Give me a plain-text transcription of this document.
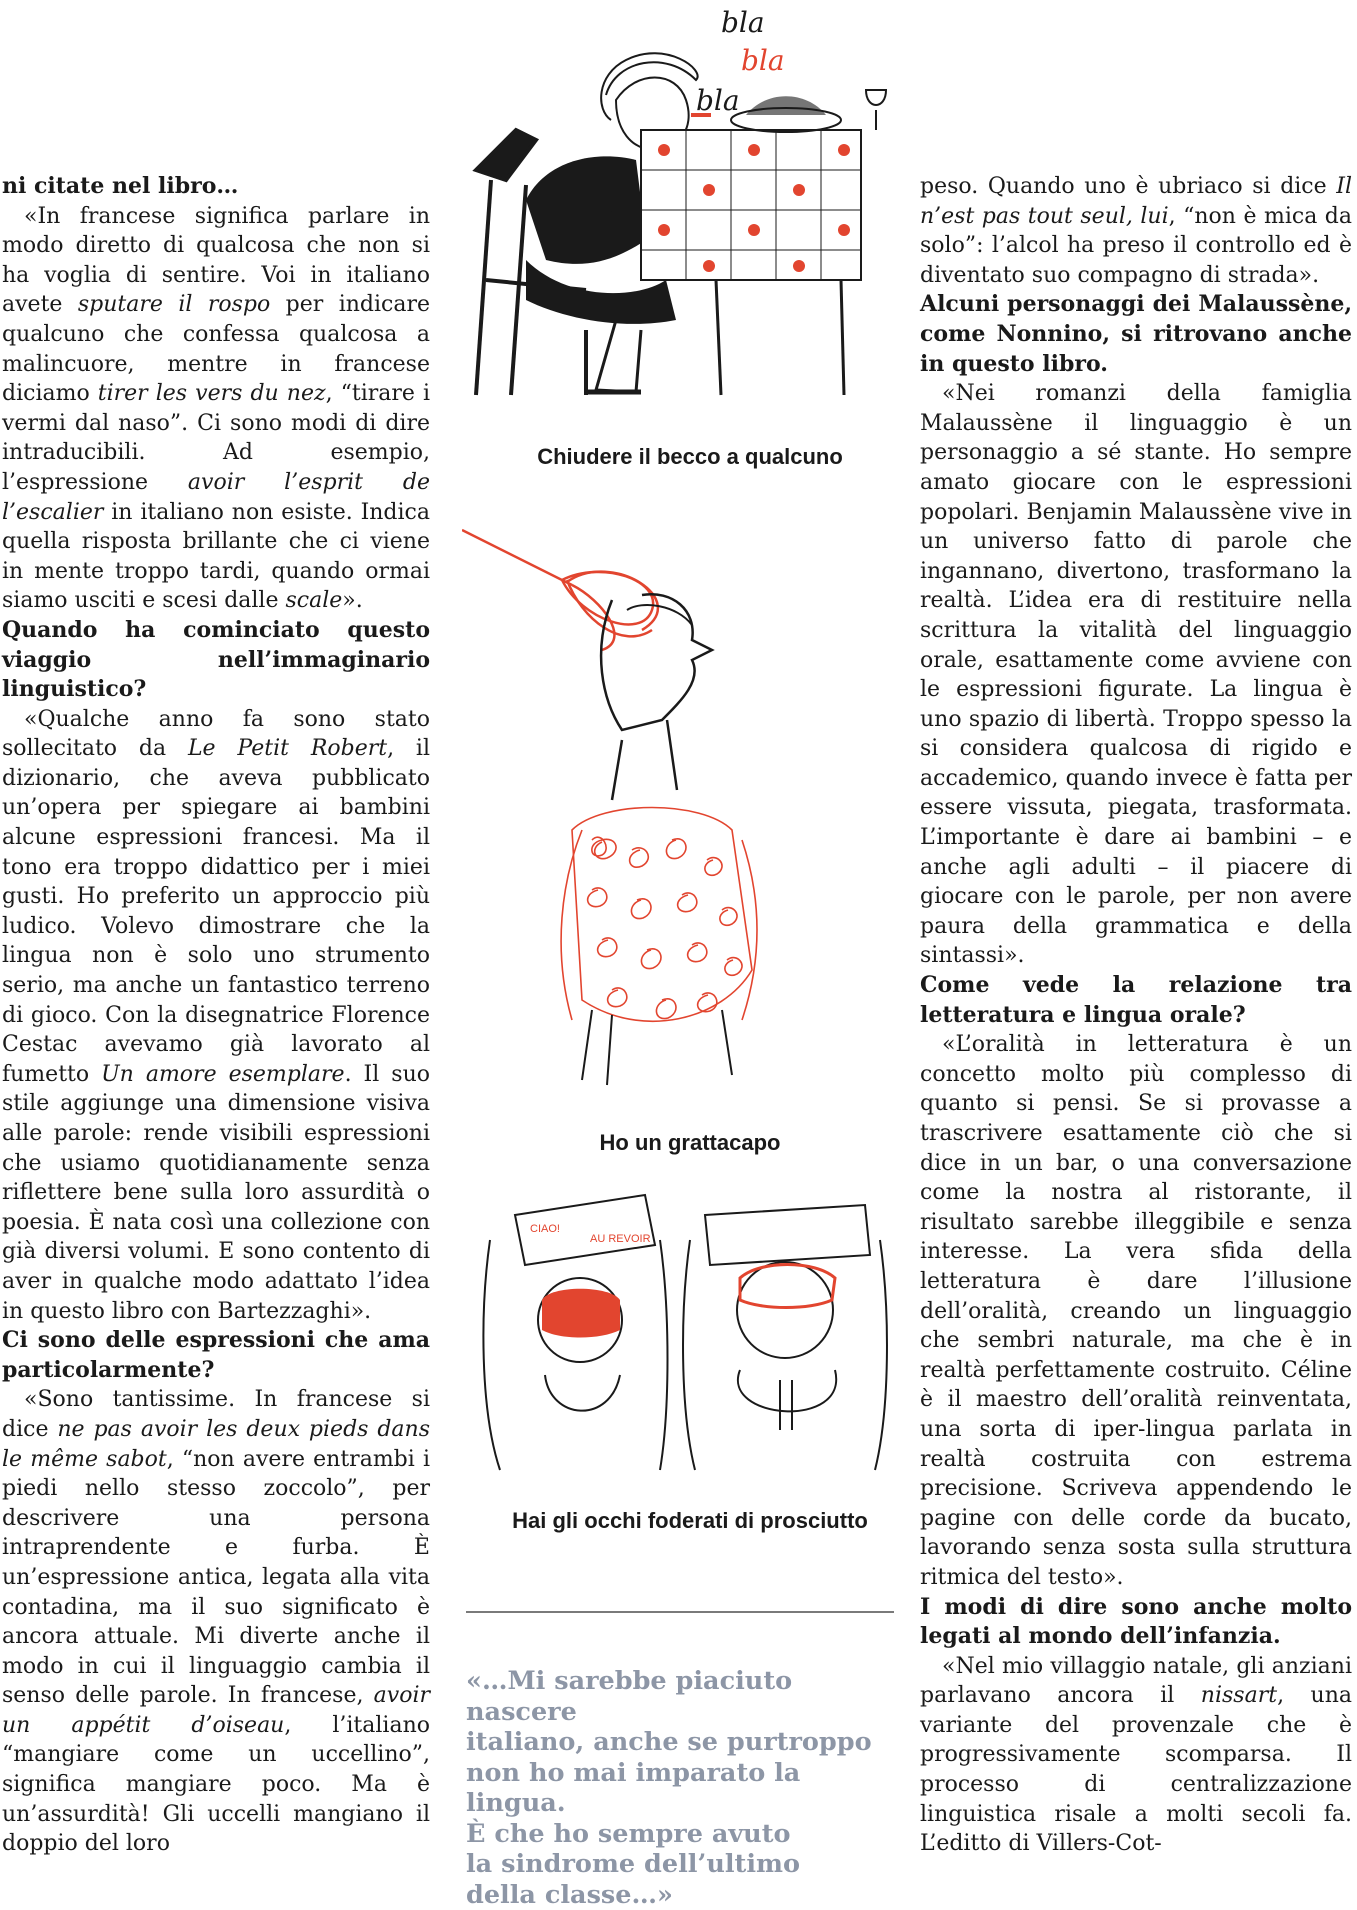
ni citate nel libro…

«In francese significa parlare in modo diretto di qualcosa che non si ha voglia di sentire. Voi in italiano avete sputare il rospo per indicare qualcuno che confessa qualcosa a malincuore, mentre in francese diciamo tirer les vers du nez, “tirare i vermi dal naso”. Ci sono modi di dire intraducibili. Ad esempio, l’espressione avoir l’esprit de l’escalier in italiano non esiste. Indica quella risposta brillante che ci viene in mente troppo tardi, quando ormai siamo usciti e scesi dalle scale».

Quando ha cominciato questo viaggio nell’immaginario linguistico?

«Qualche anno fa sono stato sollecitato da Le Petit Robert, il dizionario, che aveva pubblicato un’opera per spiegare ai bambini alcune espressioni francesi. Ma il tono era troppo didattico per i miei gusti. Ho preferito un approccio più ludico. Volevo dimostrare che la lingua non è solo uno strumento serio, ma anche un fantastico terreno di gioco. Con la disegnatrice Florence Cestac avevamo già lavorato al fumetto Un amore esemplare. Il suo stile aggiunge una dimensione visiva alle parole: rende visibili espressioni che usiamo quotidianamente senza riflettere bene sulla loro assurdità o poesia. È nata così una collezione con già diversi volumi. E sono contento di aver in qualche modo adattato l’idea in questo libro con Bartezzaghi».

Ci sono delle espressioni che ama particolarmente?

«Sono tantissime. In francese si dice ne pas avoir les deux pieds dans le même sabot, “non avere entrambi i piedi nello stesso zoccolo”, per descrivere una persona intraprendente e furba. È un’espressione antica, legata alla vita contadina, ma il suo significato è ancora attuale. Mi diverte anche il modo in cui il linguaggio cambia il senso delle parole. In francese, avoir un appétit d’oiseau, l’italiano “mangiare come un uccellino”, significa mangiare poco. Ma è un’assurdità! Gli uccelli mangiano il doppio del loro

peso. Quando uno è ubriaco si dice Il n’est pas tout seul, lui, “non è mica da solo”: l’alcol ha preso il controllo ed è diventato suo compagno di strada».

Alcuni personaggi dei Malaussène, come Nonnino, si ritrovano anche in questo libro.

«Nei romanzi della famiglia Malaussène il linguaggio è un personaggio a sé stante. Ho sempre amato giocare con le espressioni popolari. Benjamin Malaussène vive in un universo fatto di parole che ingannano, divertono, trasformano la realtà. L’idea era di restituire nella scrittura la vitalità del linguaggio orale, esattamente come avviene con le espressioni figurate. La lingua è uno spazio di libertà. Troppo spesso la si considera qualcosa di rigido e accademico, quando invece è fatta per essere vissuta, piegata, trasformata. L’importante è dare ai bambini – e anche agli adulti – il piacere di giocare con le parole, per non avere paura della grammatica e della sintassi».

Come vede la relazione tra letteratura e lingua orale?

«L’oralità in letteratura è un concetto molto più complesso di quanto si pensi. Se si provasse a trascrivere esattamente ciò che si dice in un bar, o una conversazione come la nostra al ristorante, il risultato sarebbe illeggibile e senza interesse. La vera sfida della letteratura è dare l’illusione dell’oralità, creando un linguaggio che sembri naturale, ma che è in realtà perfettamente costruito. Céline è il maestro dell’oralità reinventata, una sorta di iper-lingua parlata in realtà costruita con estrema precisione. Scriveva appendendo le pagine con delle corde da bucato, lavorando senza sosta sulla struttura ritmica del testo».

I modi di dire sono anche molto legati al mondo dell’infanzia.

«Nel mio villaggio natale, gli anziani parlavano ancora il nissart, una variante del provenzale che è progressivamente scomparsa. Il processo di centralizzazione linguistica risale a molti secoli fa. L’editto di Villers-Cot-

bla
bla
bla
Chiudere il becco a qualcuno
Ho un grattacapo
CIAO!
AU REVOIR
Hai gli occhi foderati di prosciutto
«…Mi sarebbe piaciuto nascere
italiano, anche se purtroppo
non ho mai imparato la lingua.
È che ho sempre avuto
la sindrome dell’ultimo
della classe…»
